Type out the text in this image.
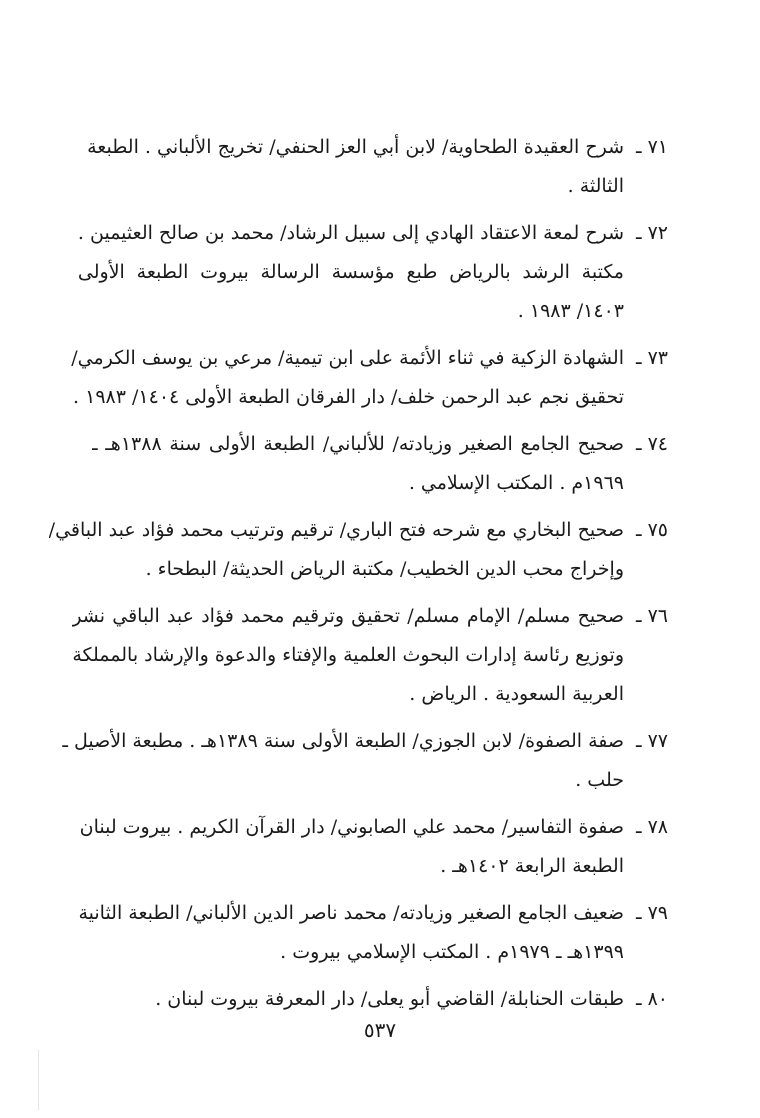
٧١ ـ
شرح العقيدة الطحاوية/ لابن أبي العز الحنفي/ تخريج الألباني . الطبعة
الثالثة .
٧٢ ـ
شرح لمعة الاعتقاد الهادي إلى سبيل الرشاد/ محمد بن صالح العثيمين .
مكتبة الرشد بالرياض طبع مؤسسة الرسالة بيروت الطبعة الأولى
١٤٠٣/ ١٩٨٣ .
٧٣ ـ
الشهادة الزكية في ثناء الأئمة على ابن تيمية/ مرعي بن يوسف الكرمي/
تحقيق نجم عبد الرحمن خلف/ دار الفرقان الطبعة الأولى ١٤٠٤/ ١٩٨٣ .
٧٤ ـ
صحيح الجامع الصغير وزيادته/ للألباني/ الطبعة الأولى سنة ١٣٨٨هـ ـ
١٩٦٩م . المكتب الإسلامي .
٧٥ ـ
صحيح البخاري مع شرحه فتح الباري/ ترقيم وترتيب محمد فؤاد عبد الباقي/
وإخراج محب الدين الخطيب/ مكتبة الرياض الحديثة/ البطحاء .
٧٦ ـ
صحيح مسلم/ الإمام مسلم/ تحقيق وترقيم محمد فؤاد عبد الباقي نشر
وتوزيع رئاسة إدارات البحوث العلمية والإفتاء والدعوة والإرشاد بالمملكة
العربية السعودية . الرياض .
٧٧ ـ
صفة الصفوة/ لابن الجوزي/ الطبعة الأولى سنة ١٣٨٩هـ . مطبعة الأصيل ـ
حلب .
٧٨ ـ
صفوة التفاسير/ محمد علي الصابوني/ دار القرآن الكريم . بيروت لبنان
الطبعة الرابعة ١٤٠٢هـ .
٧٩ ـ
ضعيف الجامع الصغير وزيادته/ محمد ناصر الدين الألباني/ الطبعة الثانية
١٣٩٩هـ ـ ١٩٧٩م . المكتب الإسلامي بيروت .
٨٠ ـ
طبقات الحنابلة/ القاضي أبو يعلى/ دار المعرفة بيروت لبنان .
٥٣٧
